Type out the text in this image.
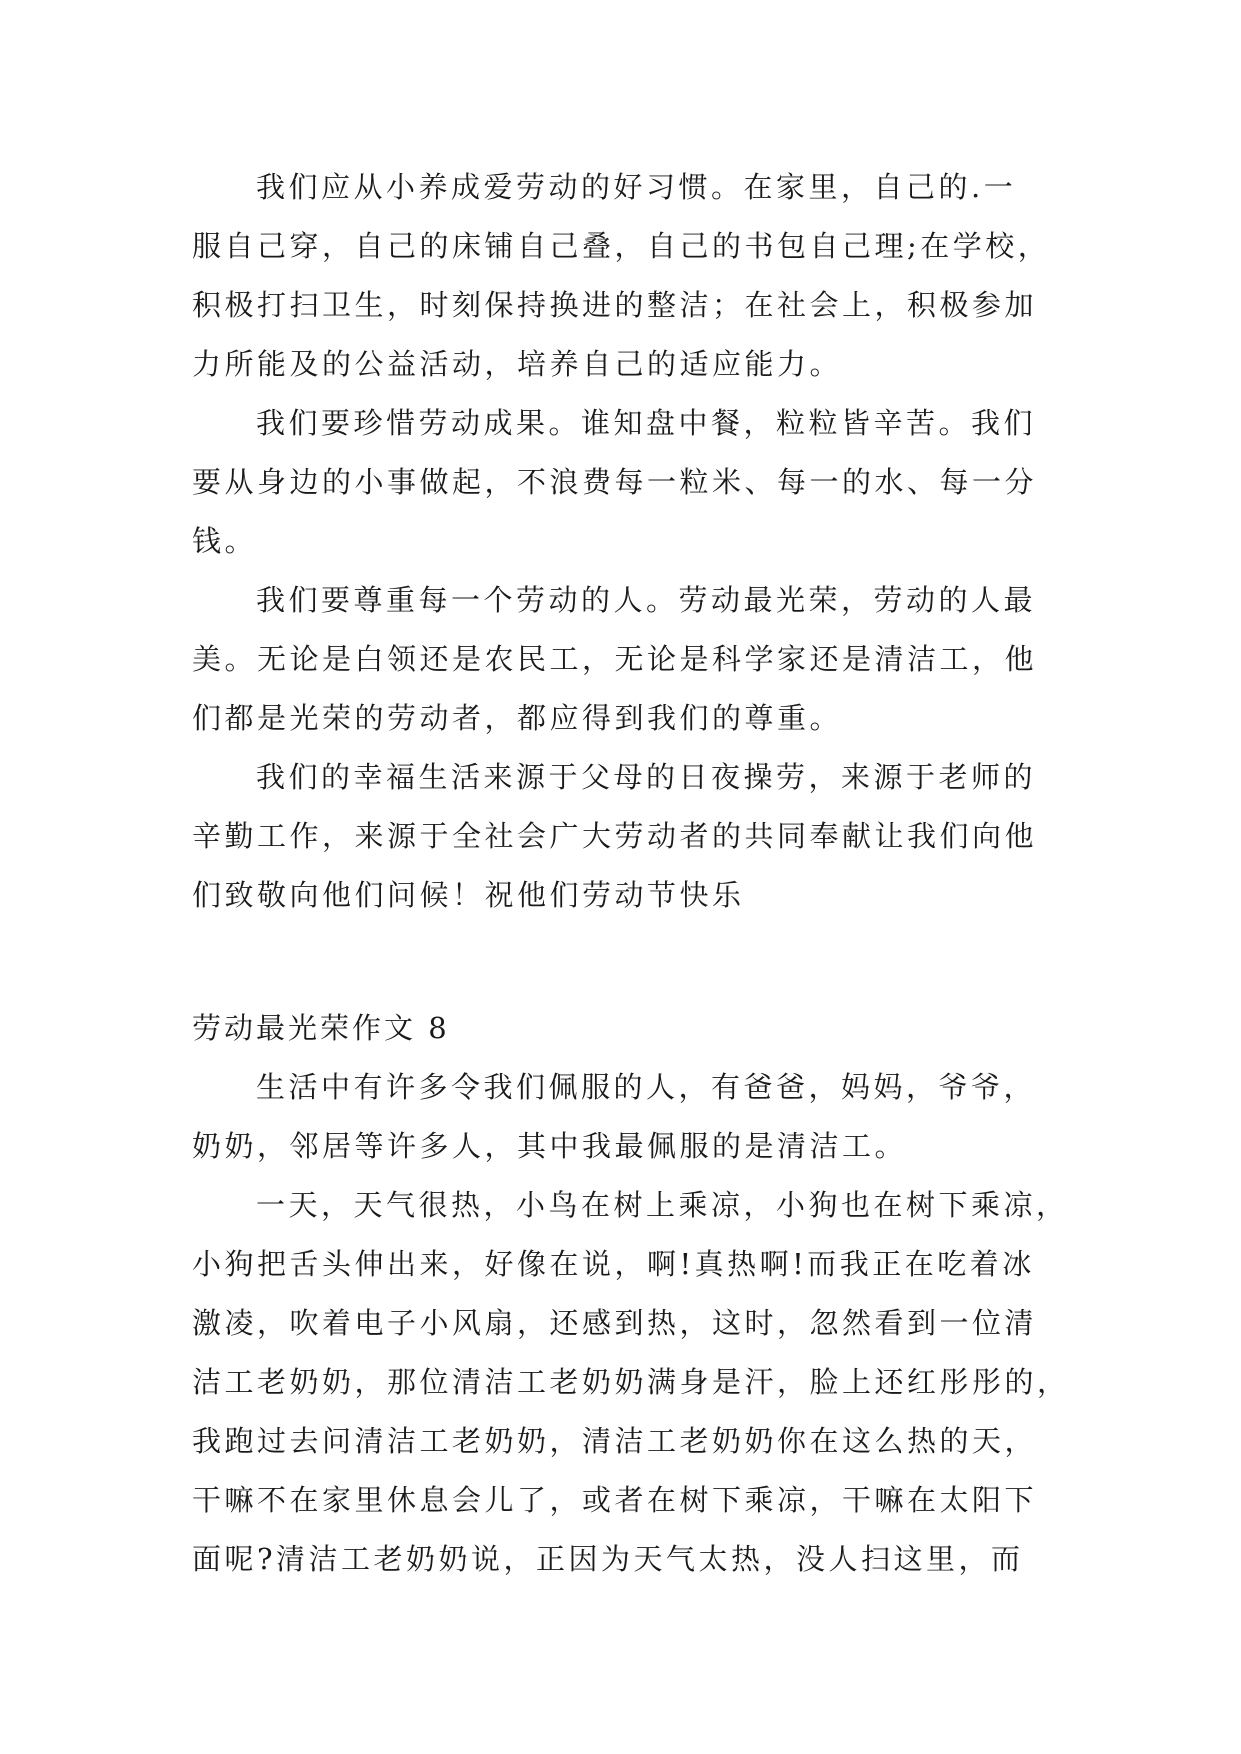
我们应从小养成爱劳动的好习惯。在家里，自己的.一
服自己穿，自己的床铺自己叠，自己的书包自己理;在学校，
积极打扫卫生，时刻保持换进的整洁；在社会上，积极参加
力所能及的公益活动，培养自己的适应能力。
我们要珍惜劳动成果。谁知盘中餐，粒粒皆辛苦。我们
要从身边的小事做起，不浪费每一粒米、每一的水、每一分
钱。
我们要尊重每一个劳动的人。劳动最光荣，劳动的人最
美。无论是白领还是农民工，无论是科学家还是清洁工，他
们都是光荣的劳动者，都应得到我们的尊重。
我们的幸福生活来源于父母的日夜操劳，来源于老师的
辛勤工作，来源于全社会广大劳动者的共同奉献让我们向他
们致敬向他们问候！祝他们劳动节快乐
劳动最光荣作文 8
生活中有许多令我们佩服的人，有爸爸，妈妈，爷爷，
奶奶，邻居等许多人，其中我最佩服的是清洁工。
一天，天气很热，小鸟在树上乘凉，小狗也在树下乘凉，
小狗把舌头伸出来，好像在说，啊!真热啊!而我正在吃着冰
激凌，吹着电子小风扇，还感到热，这时，忽然看到一位清
洁工老奶奶，那位清洁工老奶奶满身是汗，脸上还红彤彤的，
我跑过去问清洁工老奶奶，清洁工老奶奶你在这么热的天，
干嘛不在家里休息会儿了，或者在树下乘凉，干嘛在太阳下
面呢?清洁工老奶奶说，正因为天气太热，没人扫这里，而
